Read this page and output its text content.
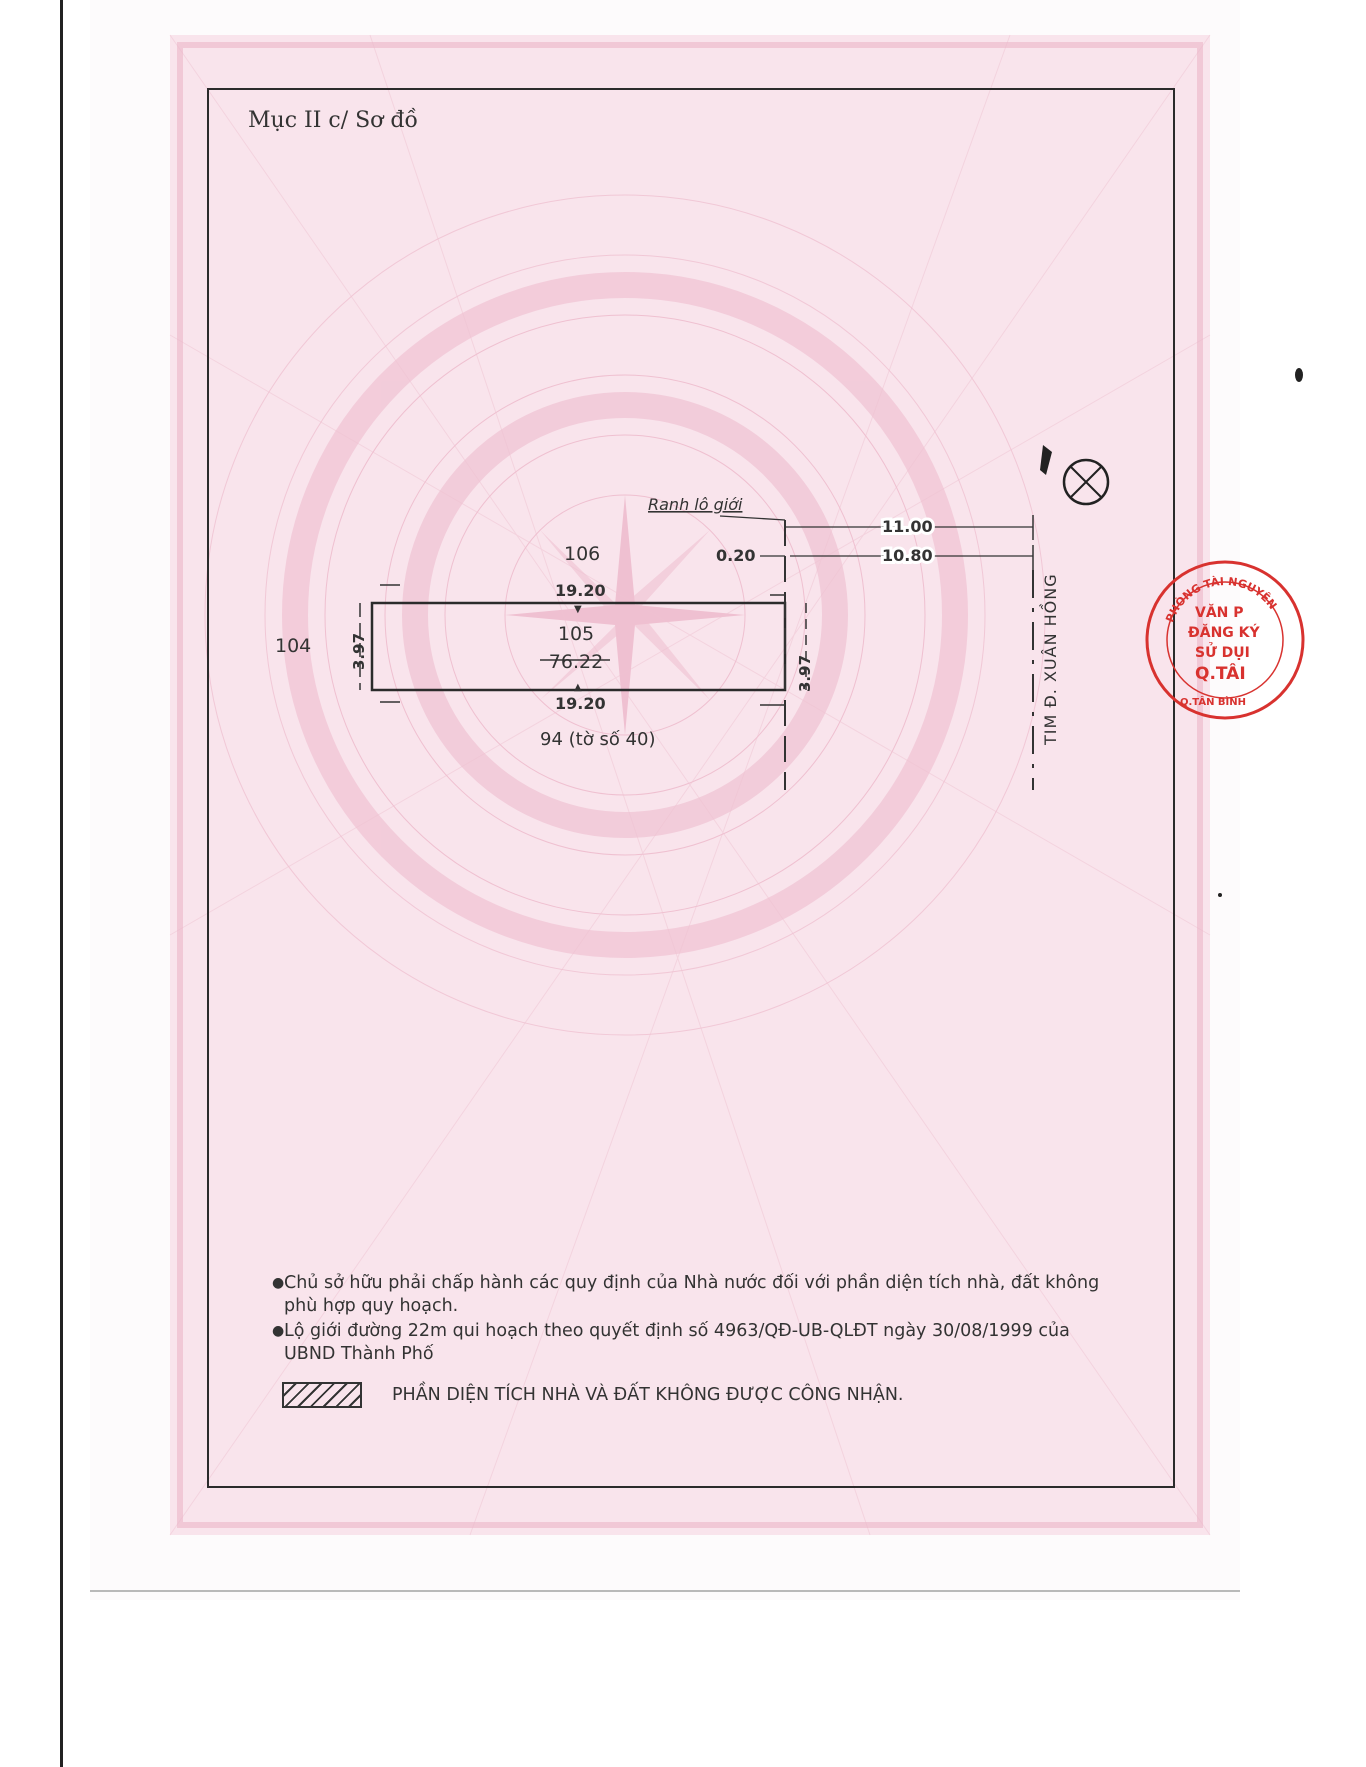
Mục II c/ Sơ đồ
19.20
▼
▲
19.20
105
76.22
3.97
3.97
Ranh lô giới
11.00
0.20	10.80
TIM Đ. XUÂN HỒNG
106
104
94 (tờ số 40)
● Chủ sở hữu phải chấp hành các quy định của Nhà nước đối với phần diện tích nhà, đất không phù hợp quy hoạch.
● Lộ giới đường 22m qui hoạch theo quyết định số 4963/QĐ-UB-QLĐT ngày 30/08/1999 của UBND Thành Phố
PHẦN DIỆN TÍCH NHÀ VÀ ĐẤT KHÔNG ĐƯỢC CÔNG NHẬN.
PHÒNG TÀI NGUYÊN
VĂN P
ĐĂNG KÝ
SỬ DỤI
Q.TÂI
Q.TÂN BÌNH
